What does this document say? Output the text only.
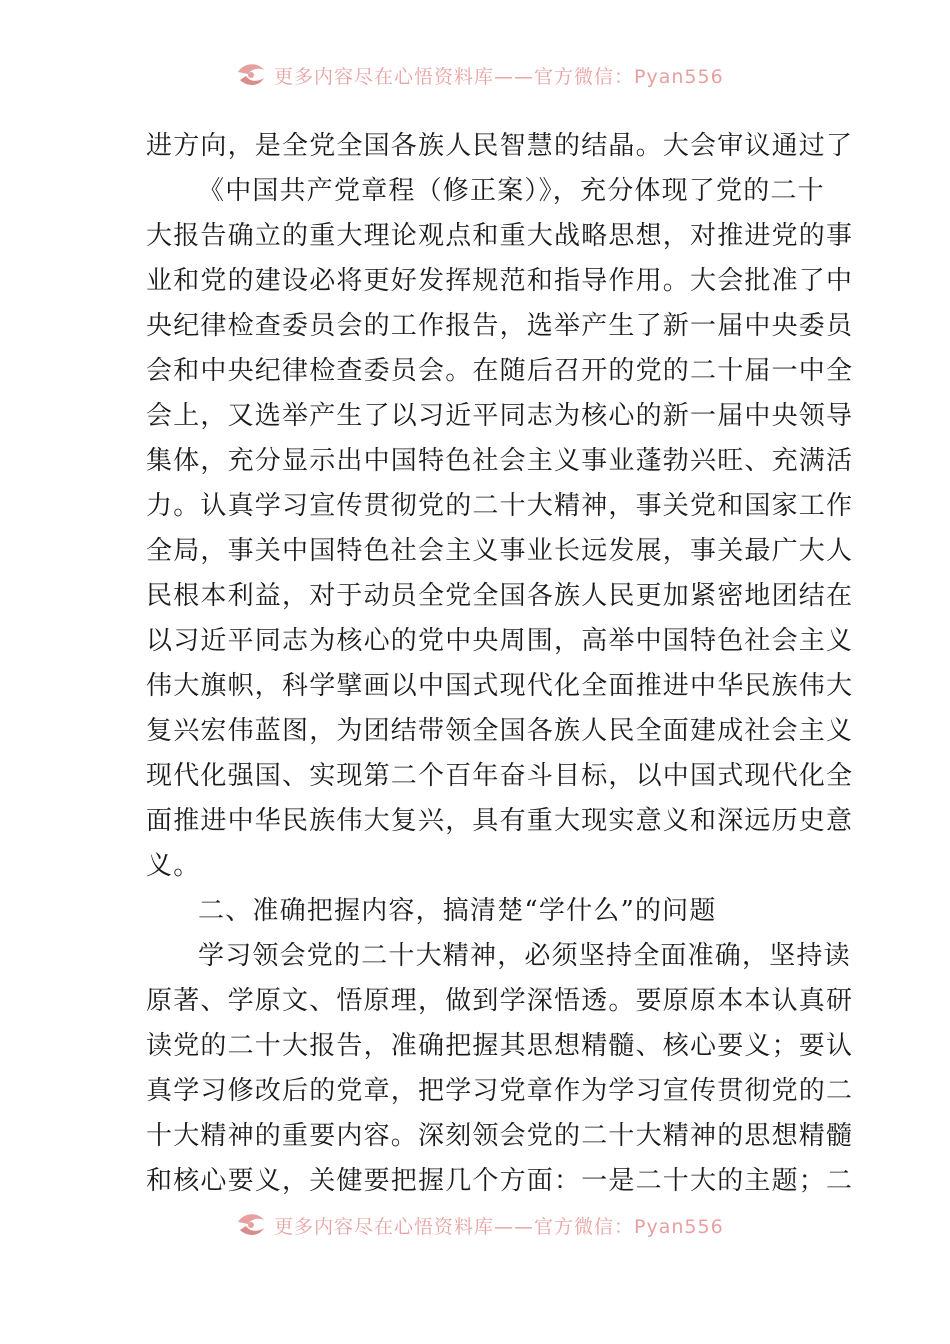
更多内容尽在心悟资料库——官方微信：Pyan556
进方向，是全党全国各族人民智慧的结晶。大会审议通过了
《中国共产党章程（修正案）》，充分体现了党的二十
大报告确立的重大理论观点和重大战略思想，对推进党的事
业和党的建设必将更好发挥规范和指导作用。大会批准了中
央纪律检查委员会的工作报告，选举产生了新一届中央委员
会和中央纪律检查委员会。在随后召开的党的二十届一中全
会上，又选举产生了以习近平同志为核心的新一届中央领导
集体，充分显示出中国特色社会主义事业蓬勃兴旺、充满活
力。认真学习宣传贯彻党的二十大精神，事关党和国家工作
全局，事关中国特色社会主义事业长远发展，事关最广大人
民根本利益，对于动员全党全国各族人民更加紧密地团结在
以习近平同志为核心的党中央周围，高举中国特色社会主义
伟大旗帜，科学擘画以中国式现代化全面推进中华民族伟大
复兴宏伟蓝图，为团结带领全国各族人民全面建成社会主义
现代化强国、实现第二个百年奋斗目标，以中国式现代化全
面推进中华民族伟大复兴，具有重大现实意义和深远历史意
义。
二、准确把握内容，搞清楚“学什么”的问题
学习领会党的二十大精神，必须坚持全面准确，坚持读
原著、学原文、悟原理，做到学深悟透。要原原本本认真研
读党的二十大报告，准确把握其思想精髓、核心要义；要认
真学习修改后的党章，把学习党章作为学习宣传贯彻党的二
十大精神的重要内容。深刻领会党的二十大精神的思想精髓
和核心要义，关健要把握几个方面：一是二十大的主题；二
更多内容尽在心悟资料库——官方微信：Pyan556
